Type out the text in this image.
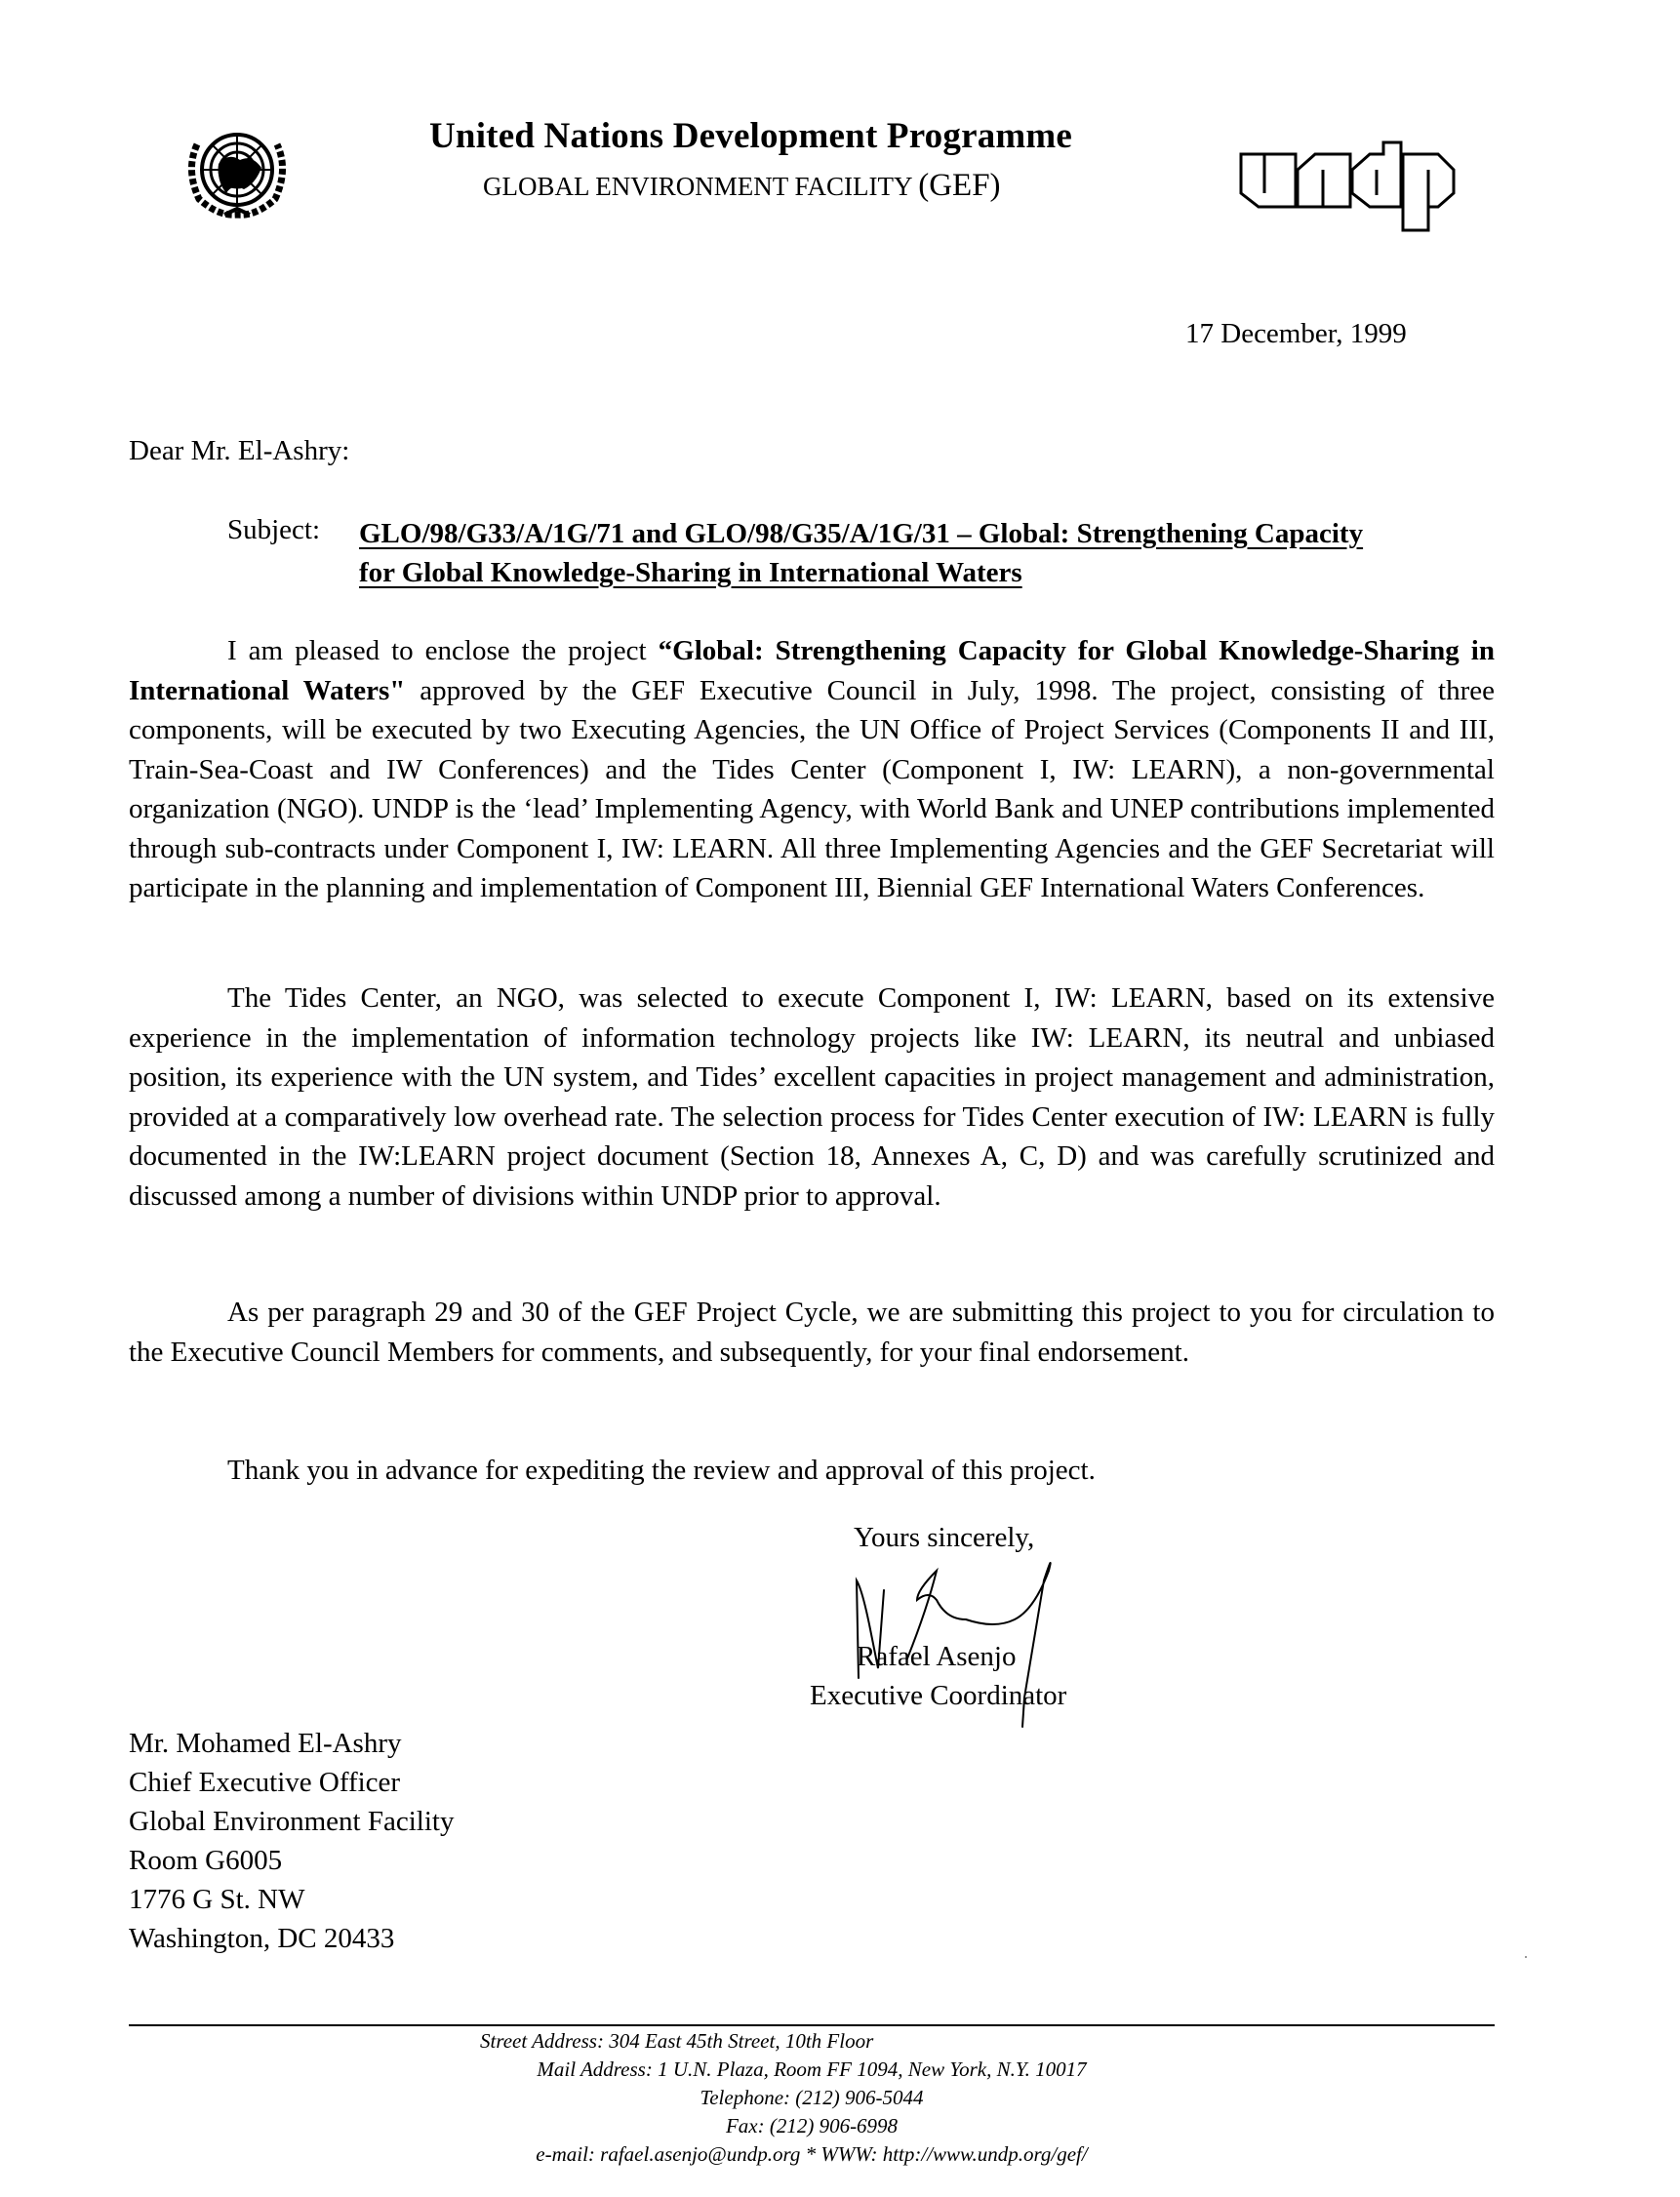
United Nations Development Programme
GLOBAL ENVIRONMENT FACILITY (GEF)
17 December, 1999
Dear Mr. El-Ashry:
Subject: GLO/98/G33/A/1G/71 and GLO/98/G35/A/1G/31 – Global: Strengthening Capacity for Global Knowledge-Sharing in International Waters
I am pleased to enclose the project “Global: Strengthening Capacity for Global Knowledge-Sharing in International Waters" approved by the GEF Executive Council in July, 1998. The project, consisting of three components, will be executed by two Executing Agencies, the UN Office of Project Services (Components II and III, Train-Sea-Coast and IW Conferences) and the Tides Center (Component I, IW: LEARN), a non-governmental organization (NGO). UNDP is the ‘lead’ Implementing Agency, with World Bank and UNEP contributions implemented through sub-contracts under Component I, IW: LEARN. All three Implementing Agencies and the GEF Secretariat will participate in the planning and implementation of Component III, Biennial GEF International Waters Conferences.
The Tides Center, an NGO, was selected to execute Component I, IW: LEARN, based on its extensive experience in the implementation of information technology projects like IW: LEARN, its neutral and unbiased position, its experience with the UN system, and Tides’ excellent capacities in project management and administration, provided at a comparatively low overhead rate. The selection process for Tides Center execution of IW: LEARN is fully documented in the IW:LEARN project document (Section 18, Annexes A, C, D) and was carefully scrutinized and discussed among a number of divisions within UNDP prior to approval.
As per paragraph 29 and 30 of the GEF Project Cycle, we are submitting this project to you for circulation to the Executive Council Members for comments, and subsequently, for your final endorsement.
Thank you in advance for expediting the review and approval of this project.
Yours sincerely,
Rafael Asenjo
Executive Coordinator
Mr. Mohamed El-Ashry
Chief Executive Officer
Global Environment Facility
Room G6005
1776 G St. NW
Washington, DC 20433
Street Address: 304 East 45th Street, 10th Floor
Mail Address: 1 U.N. Plaza, Room FF 1094, New York, N.Y. 10017
Telephone: (212) 906-5044
Fax: (212) 906-6998
e-mail: rafael.asenjo@undp.org * WWW: http://www.undp.org/gef/
